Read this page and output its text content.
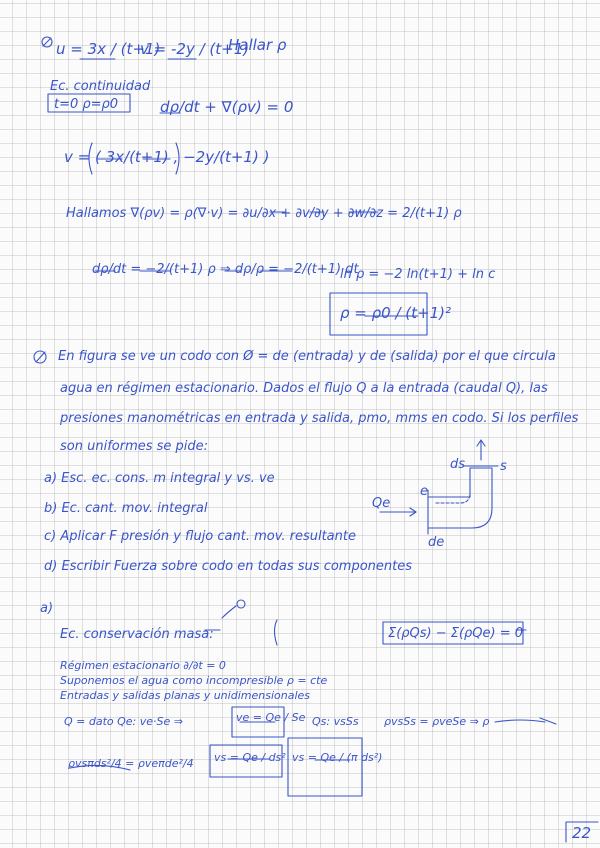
u = 3x / (t+1)
v = -2y / (t+1)
Hallar ρ
Ec. continuidad
t=0 ρ=ρ0	dρ/dt + ∇(ρv) = 0
v = ( 3x/(t+1) , −2y/(t+1) )
Hallamos ∇(ρv) = ρ(∇·v) = ∂u/∂x + ∂v/∂y + ∂w/∂z = 2/(t+1) ρ
dρ/dt = −2/(t+1) ρ ⇒ dρ/ρ = −2/(t+1) dt
ln ρ = −2 ln(t+1) + ln c
ρ = ρ0 / (t+1)²
En figura se ve un codo con Ø = de (entrada) y de (salida) por el que circula
agua en régimen estacionario. Dados el flujo Q a la entrada (caudal Q), las
presiones manométricas en entrada y salida, pmo, mms en codo. Si los perfiles
son uniformes se pide:
a) Esc. ec. cons. m integral y vs. ve
b) Ec. cant. mov. integral
c) Aplicar F presión y flujo cant. mov. resultante
d) Escribir Fuerza sobre codo en todas sus componentes
ds
de
Qe
s
e
a)
Ec. conservación masa:	Σ(ρQs) − Σ(ρQe) = 0
Régimen estacionario ∂/∂t = 0
Suponemos el agua como incompresible ρ = cte
Entradas y salidas planas y unidimensionales
Q = dato Qe: ve·Se ⇒	ve = Qe / Se Qs: vsSs ρvsSs = ρveSe ⇒ ρ
vs = Qe / ds² vs = Qe / (π ds²)
ρvsπds²/4 = ρveπde²/4
22
